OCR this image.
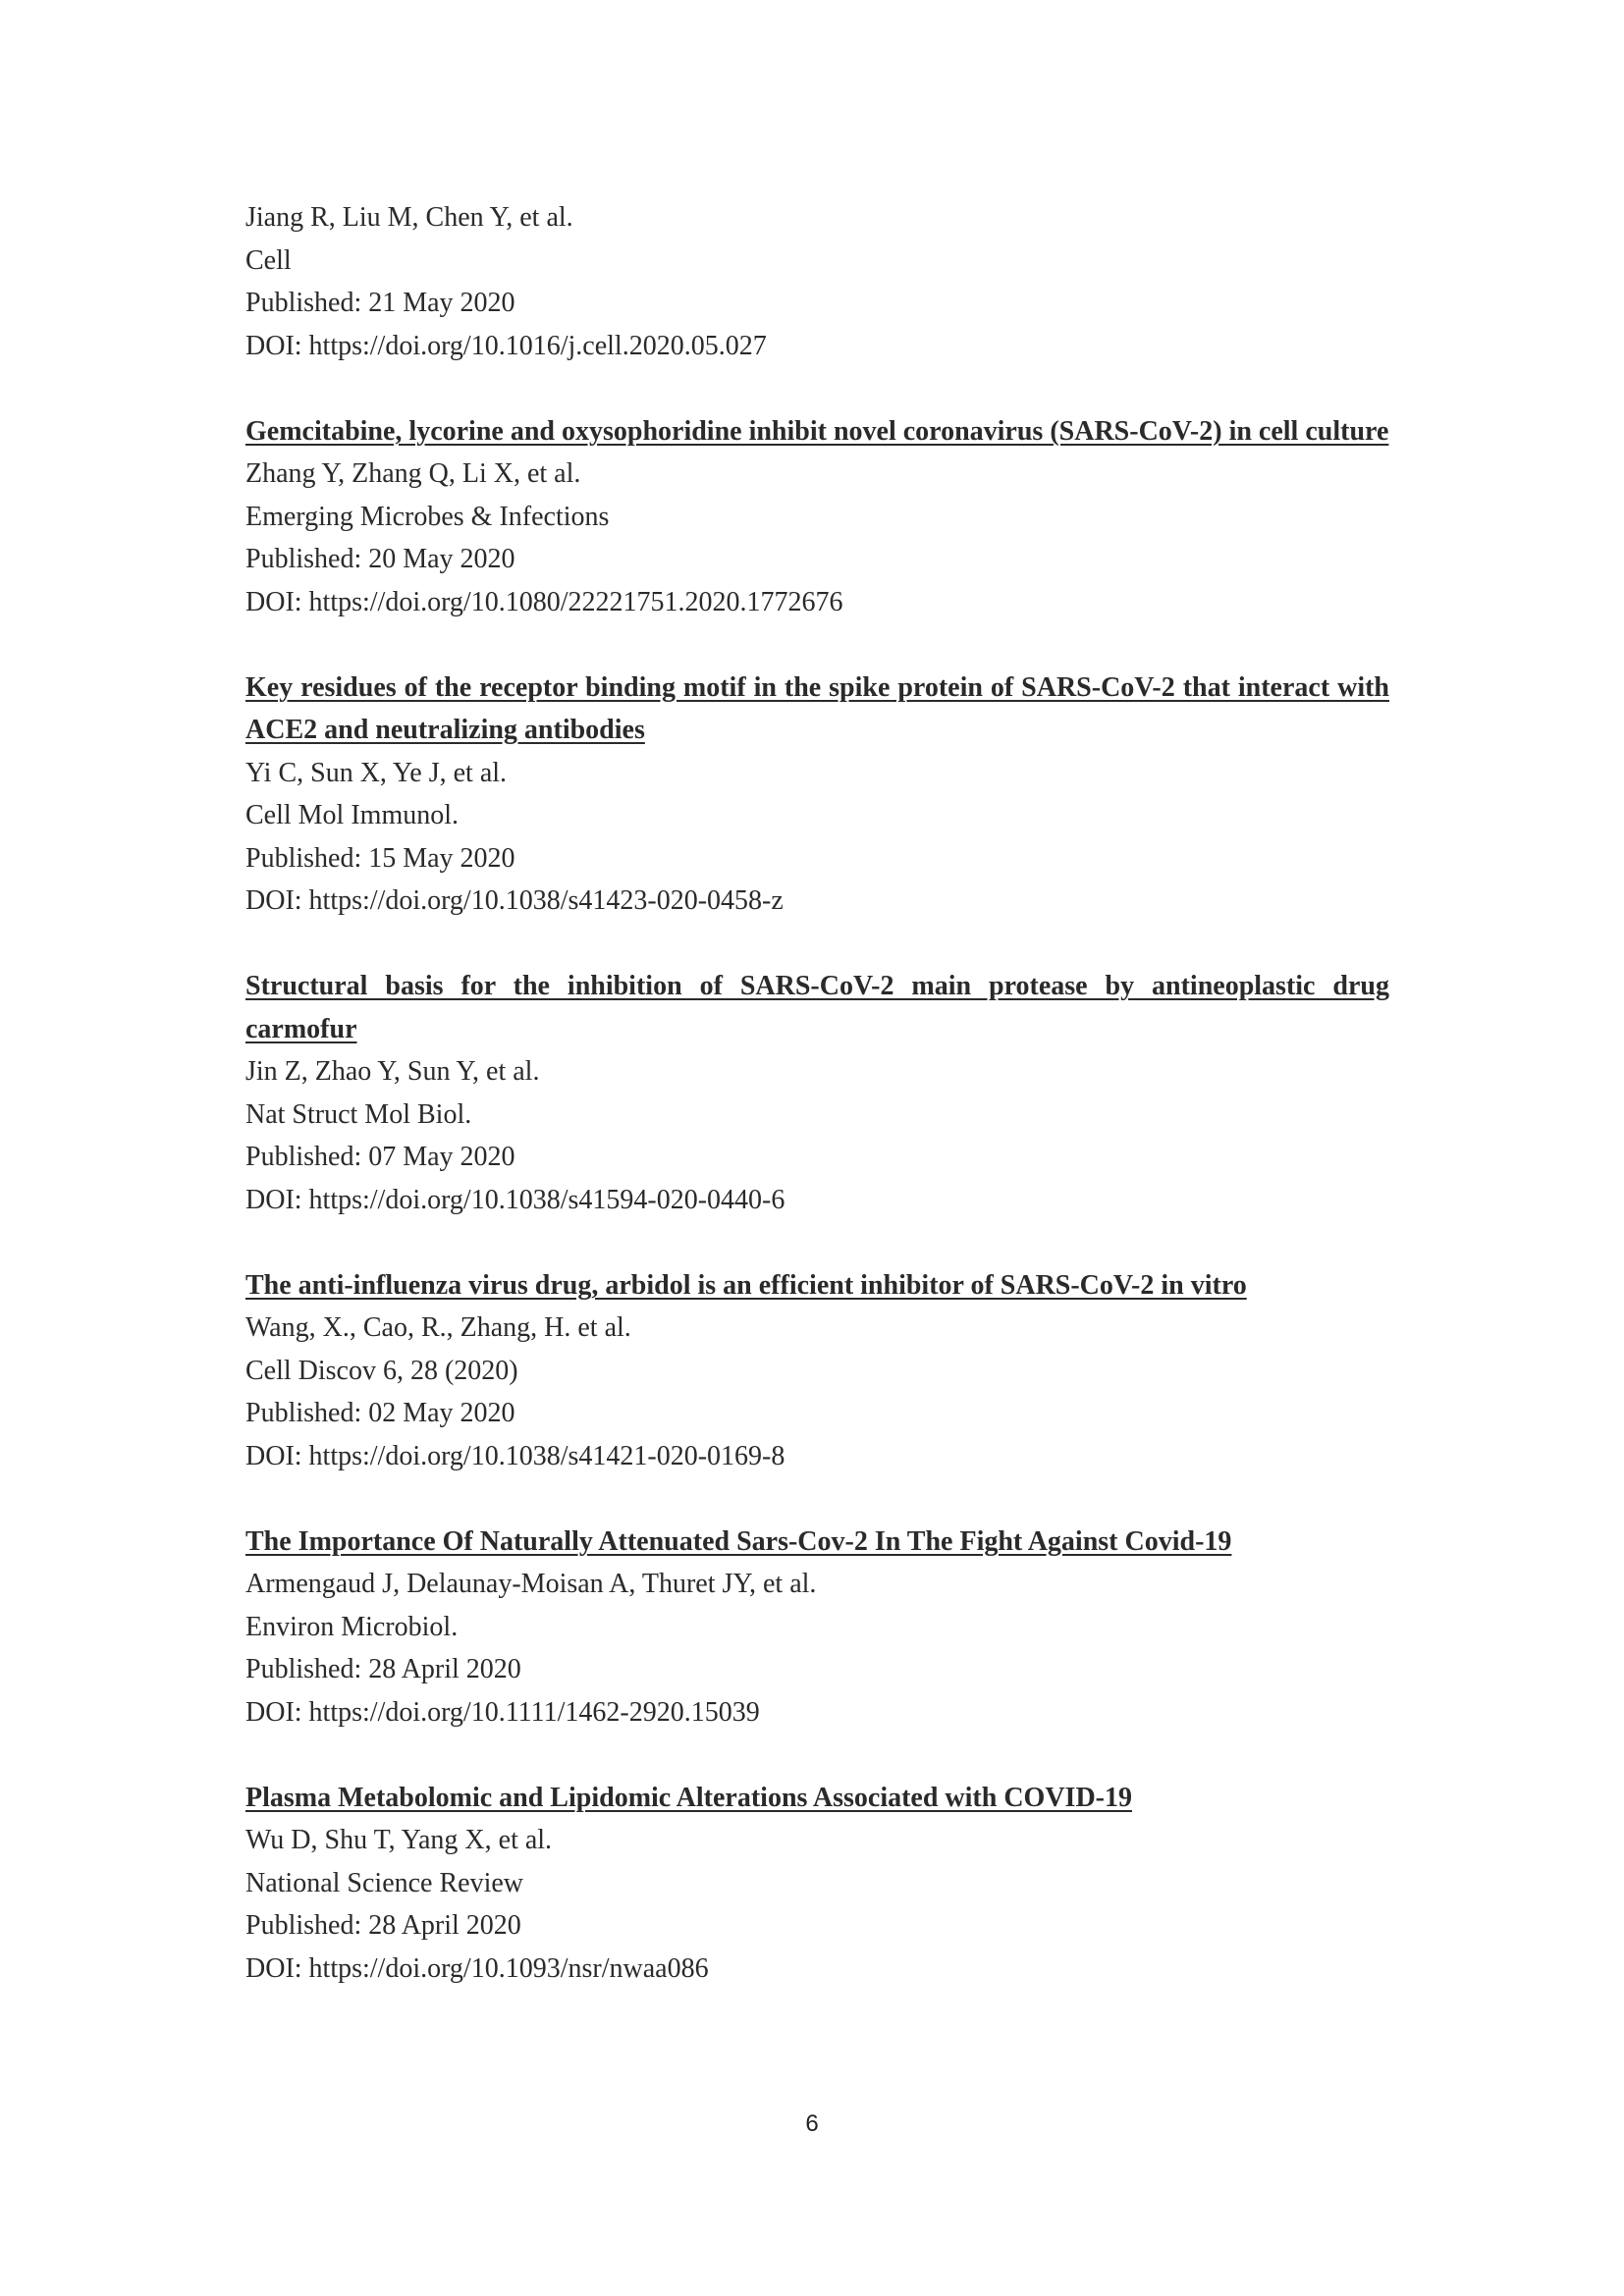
Jiang R, Liu M, Chen Y, et al.
Cell
Published: 21 May 2020
DOI: https://doi.org/10.1016/j.cell.2020.05.027
Gemcitabine, lycorine and oxysophoridine inhibit novel coronavirus (SARS-CoV-2) in cell culture
Zhang Y, Zhang Q, Li X, et al.
Emerging Microbes & Infections
Published: 20 May 2020
DOI: https://doi.org/10.1080/22221751.2020.1772676
Key residues of the receptor binding motif in the spike protein of SARS-CoV-2 that interact with ACE2 and neutralizing antibodies
Yi C, Sun X, Ye J, et al.
Cell Mol Immunol.
Published: 15 May 2020
DOI: https://doi.org/10.1038/s41423-020-0458-z
Structural basis for the inhibition of SARS-CoV-2 main protease by antineoplastic drug carmofur
Jin Z, Zhao Y, Sun Y, et al.
Nat Struct Mol Biol.
Published: 07 May 2020
DOI: https://doi.org/10.1038/s41594-020-0440-6
The anti-influenza virus drug, arbidol is an efficient inhibitor of SARS-CoV-2 in vitro
Wang, X., Cao, R., Zhang, H. et al.
Cell Discov 6, 28 (2020)
Published: 02 May 2020
DOI: https://doi.org/10.1038/s41421-020-0169-8
The Importance Of Naturally Attenuated Sars-Cov-2 In The Fight Against Covid-19
Armengaud J, Delaunay-Moisan A, Thuret JY, et al.
Environ Microbiol.
Published: 28 April 2020
DOI: https://doi.org/10.1111/1462-2920.15039
Plasma Metabolomic and Lipidomic Alterations Associated with COVID-19
Wu D, Shu T, Yang X, et al.
National Science Review
Published: 28 April 2020
DOI: https://doi.org/10.1093/nsr/nwaa086
6
